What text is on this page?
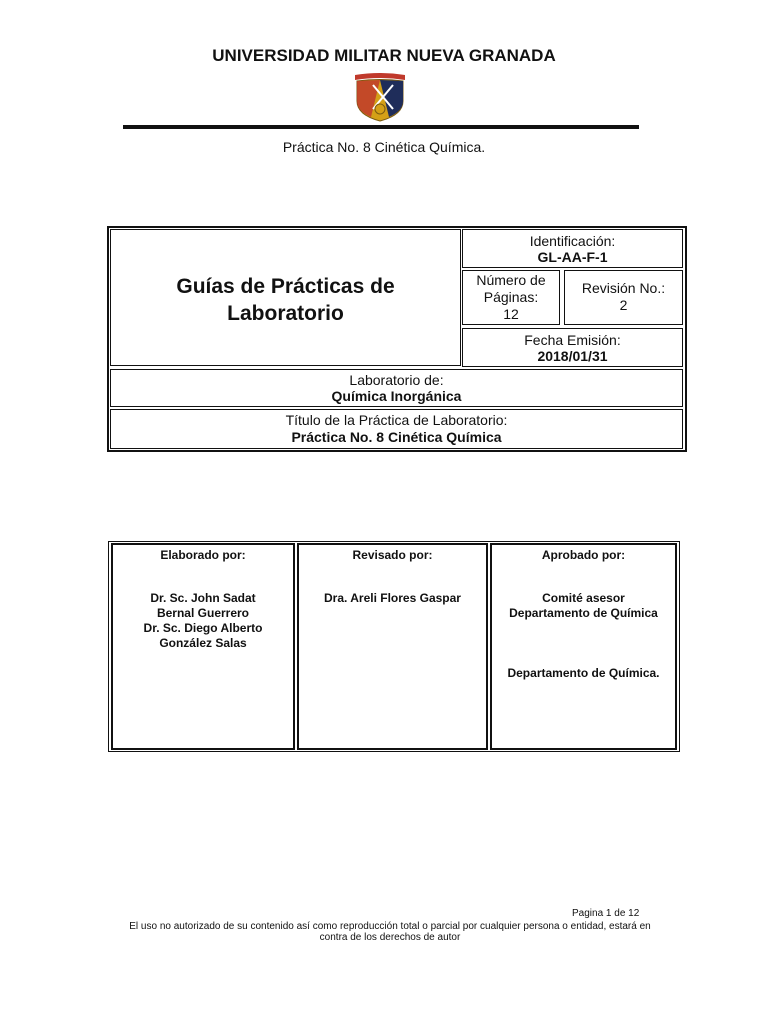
UNIVERSIDAD MILITAR NUEVA GRANADA
Práctica No. 8 Cinética Química.
Guías de Prácticas de
Laboratorio
Identificación:
GL-AA-F-1
Número de
Páginas:
12
Revisión No.:
2
Fecha Emisión:
2018/01/31
Laboratorio de:
Química Inorgánica
Título de la Práctica de Laboratorio:
Práctica No. 8 Cinética Química
Elaborado por:
Dr. Sc. John Sadat
Bernal Guerrero
Dr. Sc. Diego Alberto
González Salas
Revisado por:
Dra. Areli Flores Gaspar
Aprobado por:
Comité asesor
Departamento de Química
Departamento de Química.
Pagina 1 de 12
El uso no autorizado de su contenido así como reproducción total o parcial por cualquier persona o entidad, estará en
contra de los derechos de autor
